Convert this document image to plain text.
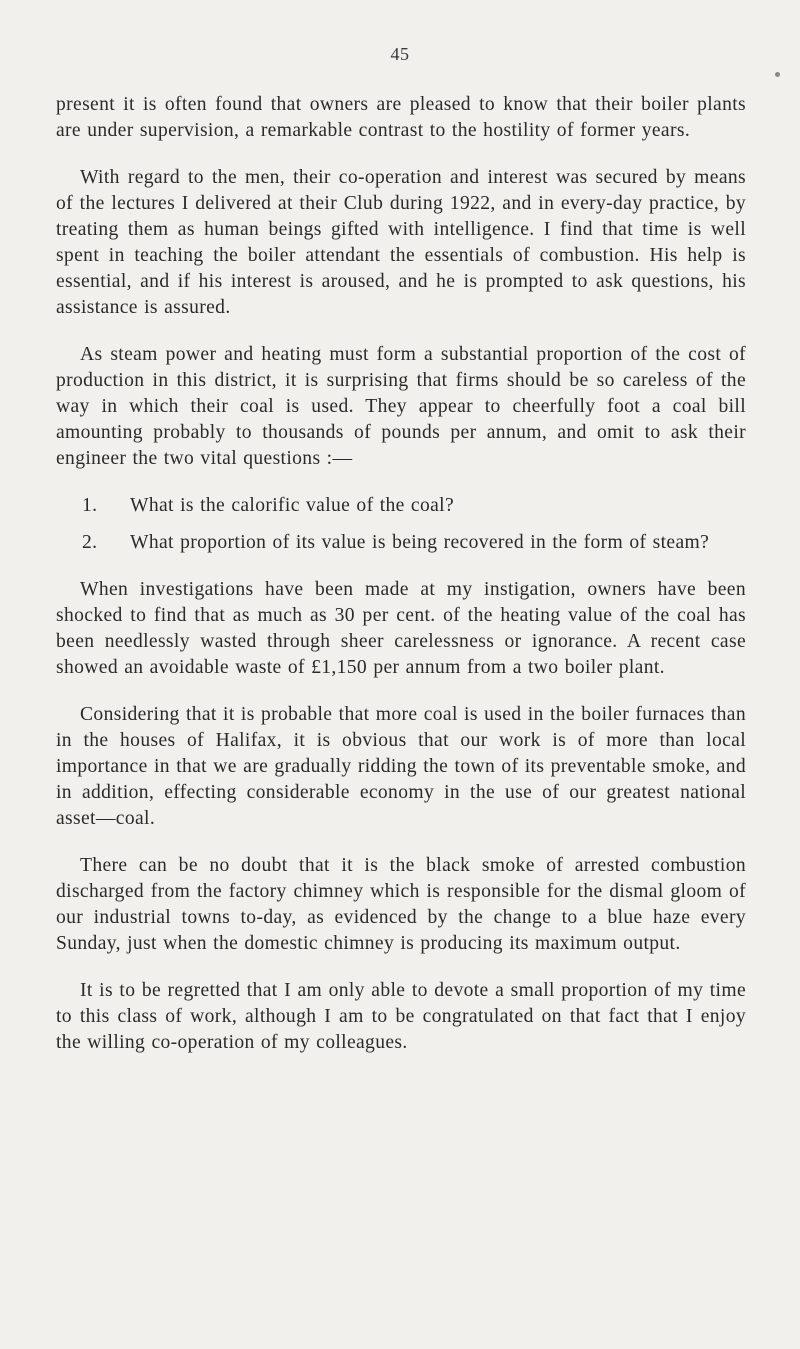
45

present it is often found that owners are pleased to know that their boiler plants are under supervision, a remarkable contrast to the hostility of former years.

With regard to the men, their co-operation and interest was secured by means of the lectures I delivered at their Club during 1922, and in every-day practice, by treating them as human beings gifted with intelligence. I find that time is well spent in teaching the boiler attendant the essentials of combustion. His help is essential, and if his interest is aroused, and he is prompted to ask questions, his assistance is assured.

As steam power and heating must form a substantial proportion of the cost of production in this district, it is surprising that firms should be so careless of the way in which their coal is used. They appear to cheerfully foot a coal bill amounting probably to thousands of pounds per annum, and omit to ask their engineer the two vital questions :—

1.	What is the calorific value of the coal?
2.	What proportion of its value is being recovered in the form of steam?

When investigations have been made at my instigation, owners have been shocked to find that as much as 30 per cent. of the heating value of the coal has been needlessly wasted through sheer carelessness or ignorance. A recent case showed an avoidable waste of £1,150 per annum from a two boiler plant.

Considering that it is probable that more coal is used in the boiler furnaces than in the houses of Halifax, it is obvious that our work is of more than local importance in that we are gradually ridding the town of its preventable smoke, and in addition, effecting considerable economy in the use of our greatest national asset—coal.

There can be no doubt that it is the black smoke of arrested combustion discharged from the factory chimney which is responsible for the dismal gloom of our industrial towns to-day, as evidenced by the change to a blue haze every Sunday, just when the domestic chimney is producing its maximum output.

It is to be regretted that I am only able to devote a small proportion of my time to this class of work, although I am to be congratulated on that fact that I enjoy the willing co-operation of my colleagues.
